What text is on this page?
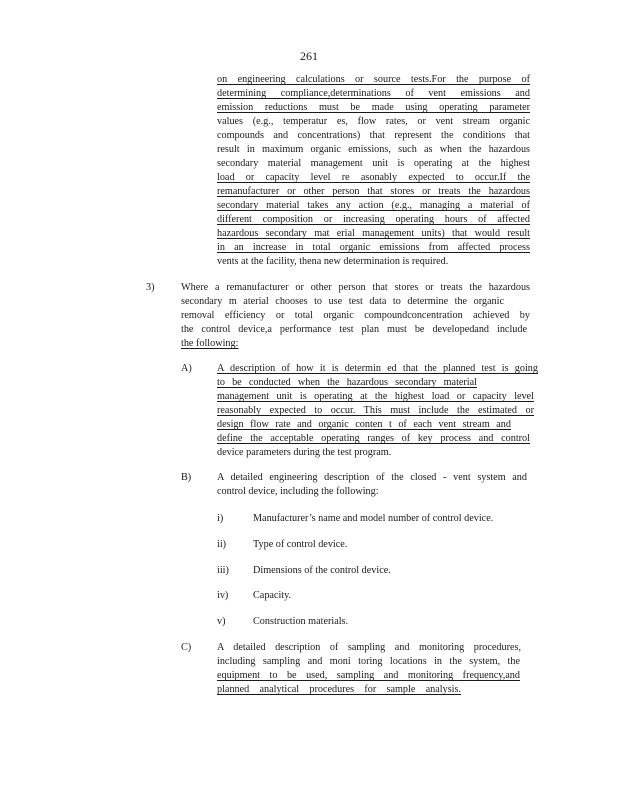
261
on engineering calculations or source tests.For the purpose of
determining compliance,determinations of vent emissions and
emission reductions must be made using operating parameter
values (e.g., temperatur es, flow rates, or vent stream organic
compounds and concentrations) that represent the conditions that
result in maximum organic emissions, such as when the hazardous
secondary material management unit is operating at the highest
load or capacity level re asonably expected to occur.If the
remanufacturer or other person that stores or treats the hazardous
secondary material takes any action (e.g., managing a material of
different composition or increasing operating hours of affected
hazardous secondary mat erial management units) that would result
in an increase in total organic emissions from affected process
vents at the facility, thena new determination is required.
3)	Where a remanufacturer or other person that stores or treats the hazardous
secondary m aterial chooses to use test data to determine the organic
removal efficiency or total organic compoundconcentration achieved by
the control device,a performance test plan must be developedand include
the following:
A) A description of how it is determin ed that the planned test is going
to be conducted when the hazardous secondary material
management unit is operating at the highest load or capacity level
reasonably expected to occur. This must include the estimated or
design flow rate and organic conten t of each vent stream and
define the acceptable operating ranges of key process and control
device parameters during the test program.
B)	A detailed engineering description of the closed - vent system and
control device, including the following:
i)	Manufacturer’s name and model number of control device.
ii)	Type of control device.
iii) Dimensions of the control device.
iv) Capacity.
v)	Construction materials.
C)	A detailed description of sampling and monitoring procedures,
including sampling and moni toring locations in the system, the
equipment to be used, sampling and monitoring frequency,and
planned analytical procedures for sample analysis.
